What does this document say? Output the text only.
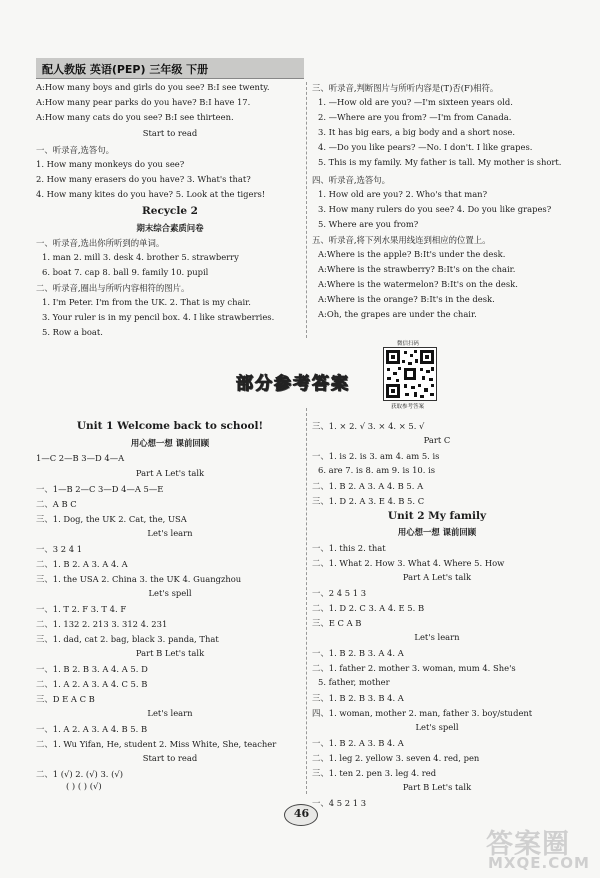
配人教版 英语(PEP) 三年级 下册
A:How many boys and girls do you see? B:I see twenty.
A:How many pear parks do you have? B:I have 17.
A:How many cats do you see? B:I see thirteen.
Start to read
一、听录音,选答句。
1. How many monkeys do you see?
2. How many erasers do you have? 3. What's that?
4. How many kites do you have? 5. Look at the tigers!
Recycle 2
期末综合素质问卷
一、听录音,选出你所听到的单词。
1. man 2. mill 3. desk 4. brother 5. strawberry
6. boat 7. cap 8. ball 9. family 10. pupil
二、听录音,圈出与所听内容相符的图片。
1. I'm Peter. I'm from the UK. 2. That is my chair.
3. Your ruler is in my pencil box. 4. I like strawberries.
5. Row a boat.
三、听录音,判断图片与所听内容是(T)否(F)相符。
1. —How old are you? —I'm sixteen years old.
2. —Where are you from? —I'm from Canada.
3. It has big ears, a big body and a short nose.
4. —Do you like pears? —No. I don't. I like grapes.
5. This is my family. My father is tall. My mother is short.
四、听录音,选答句。
1. How old are you? 2. Who's that man?
3. How many rulers do you see? 4. Do you like grapes?
5. Where are you from?
五、听录音,将下列水果用线连到相应的位置上。
A:Where is the apple? B:It's under the desk.
A:Where is the strawberry? B:It's on the chair.
A:Where is the watermelon? B:It's on the desk.
A:Where is the orange? B:It's in the desk.
A:Oh, the grapes are under the chair.
部分参考答案
微信扫码
获取参考答案
Unit 1 Welcome back to school!
用心想一想 课前回顾
1—C 2—B 3—D 4—A
Part A Let's talk
一、1—B 2—C 3—D 4—A 5—E
二、A B C
三、1. Dog, the UK 2. Cat, the, USA
Let's learn
一、3 2 4 1
二、1. B 2. A 3. A 4. A
三、1. the USA 2. China 3. the UK 4. Guangzhou
Let's spell
一、1. T 2. F 3. T 4. F
二、1. 132 2. 213 3. 312 4. 231
三、1. dad, cat 2. bag, black 3. panda, That
Part B Let's talk
一、1. B 2. B 3. A 4. A 5. D
二、1. A 2. A 3. A 4. C 5. B
三、D E A C B
Let's learn
一、1. A 2. A 3. A 4. B 5. B
二、1. Wu Yifan, He, student 2. Miss White, She, teacher
Start to read
二、1 (√) 2. (√) 3. (√)
( ) ( ) (√)
三、1. × 2. √ 3. × 4. × 5. √
Part C
一、1. is 2. is 3. am 4. am 5. is
6. are 7. is 8. am 9. is 10. is
二、1. B 2. A 3. A 4. B 5. A
三、1. D 2. A 3. E 4. B 5. C
Unit 2 My family
用心想一想 课前回顾
一、1. this 2. that
二、1. What 2. How 3. What 4. Where 5. How
Part A Let's talk
一、2 4 5 1 3
二、1. D 2. C 3. A 4. E 5. B
三、E C A B
Let's learn
一、1. B 2. B 3. A 4. A
二、1. father 2. mother 3. woman, mum 4. She's
5. father, mother
三、1. B 2. B 3. B 4. A
四、1. woman, mother 2. man, father 3. boy/student
Let's spell
一、1. B 2. A 3. B 4. A
二、1. leg 2. yellow 3. seven 4. red, pen
三、1. ten 2. pen 3. leg 4. red
Part B Let's talk
一、4 5 2 1 3
46
答案圈
MXQE.COM
